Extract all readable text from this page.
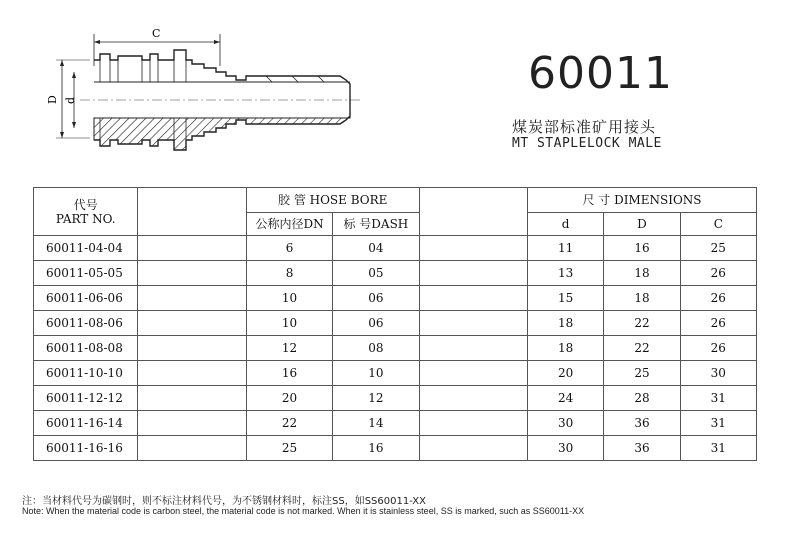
C
D d
60011
煤炭部标准矿用接头
MT STAPLELOCK MALE
代号
PART NO.		胶 管 HOSE BORE			尺 寸 DIMENSIONS		
		公称内径DN	标 号DASH		d	D	C
60011-04-04		6	04		11	16	25
60011-05-05		8	05		13	18	26
60011-06-06		10	06		15	18	26
60011-08-06		10	06		18	22	26
60011-08-08		12	08		18	22	26
60011-10-10		16	10		20	25	30
60011-12-12		20	12		24	28	31
60011-16-14		22	14		30	36	31
60011-16-16		25	16		30	36	31
注：当材料代号为碳钢时，则不标注材料代号，为不锈钢材料时，标注SS，如SS60011-XX
Note: When the material code is carbon steel, the material code is not marked. When it is stainless steel, SS is marked, such as SS60011-XX
